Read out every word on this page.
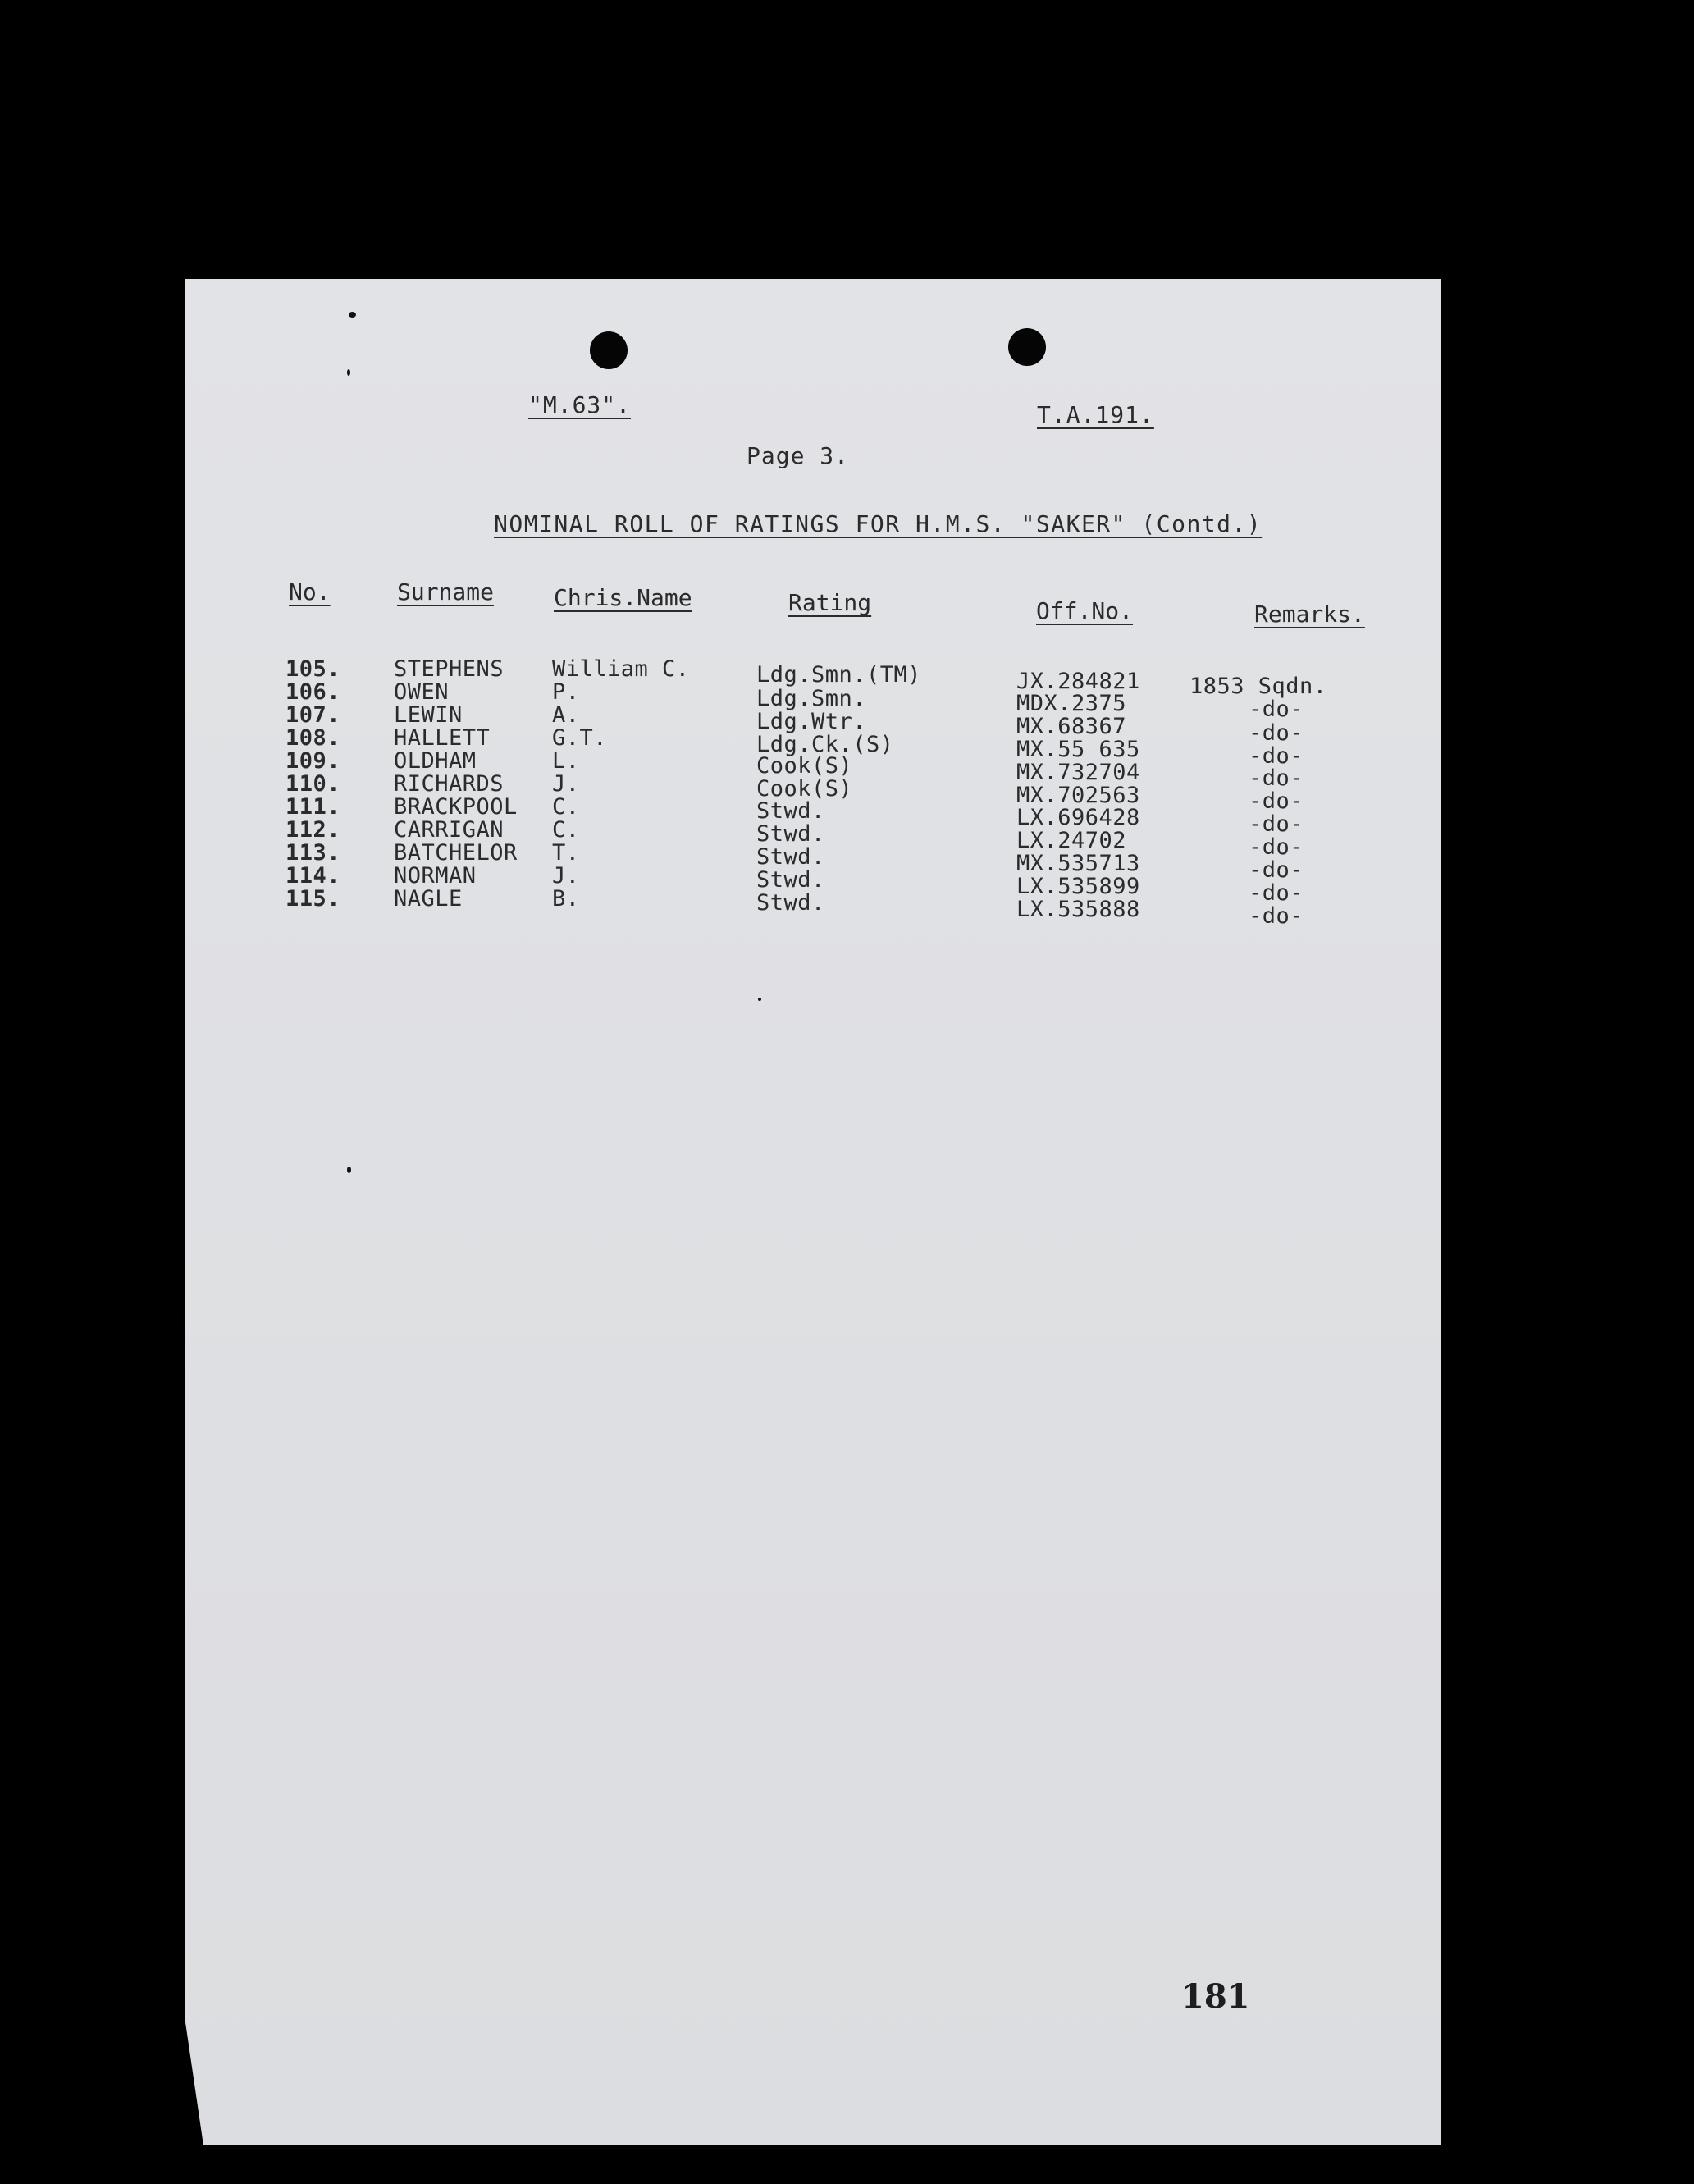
"M.63".	T.A.191.
Page 3.
NOMINAL ROLL OF RATINGS FOR H.M.S. "SAKER" (Contd.)
No.	Surname	Chris.Name	Rating	Off.No.	Remarks.
105. STEPHENS William C.	Ldg.Smn.(TM)	JX.284821 1853 Sqdn.
106. OWEN	P.	Ldg.Smn.	MDX.2375	-do-
107. LEWIN	A.	Ldg.Wtr.	MX.68367	-do-
108. HALLETT	G.T.	Ldg.Ck.(S)	MX.55 635	-do-
109. OLDHAM	L.	Cook(S)	MX.732704	-do-
110. RICHARDS J.	Cook(S)	MX.702563	-do-
111. BRACKPOOL C.	Stwd.	LX.696428	-do-
112. CARRIGAN C.	Stwd.	LX.24702	-do-
113. BATCHELOR T.	Stwd.	MX.535713	-do-
114. NORMAN	J.	Stwd.	LX.535899	-do-
115. NAGLE	B.	Stwd.	LX.535888	-do-
181
